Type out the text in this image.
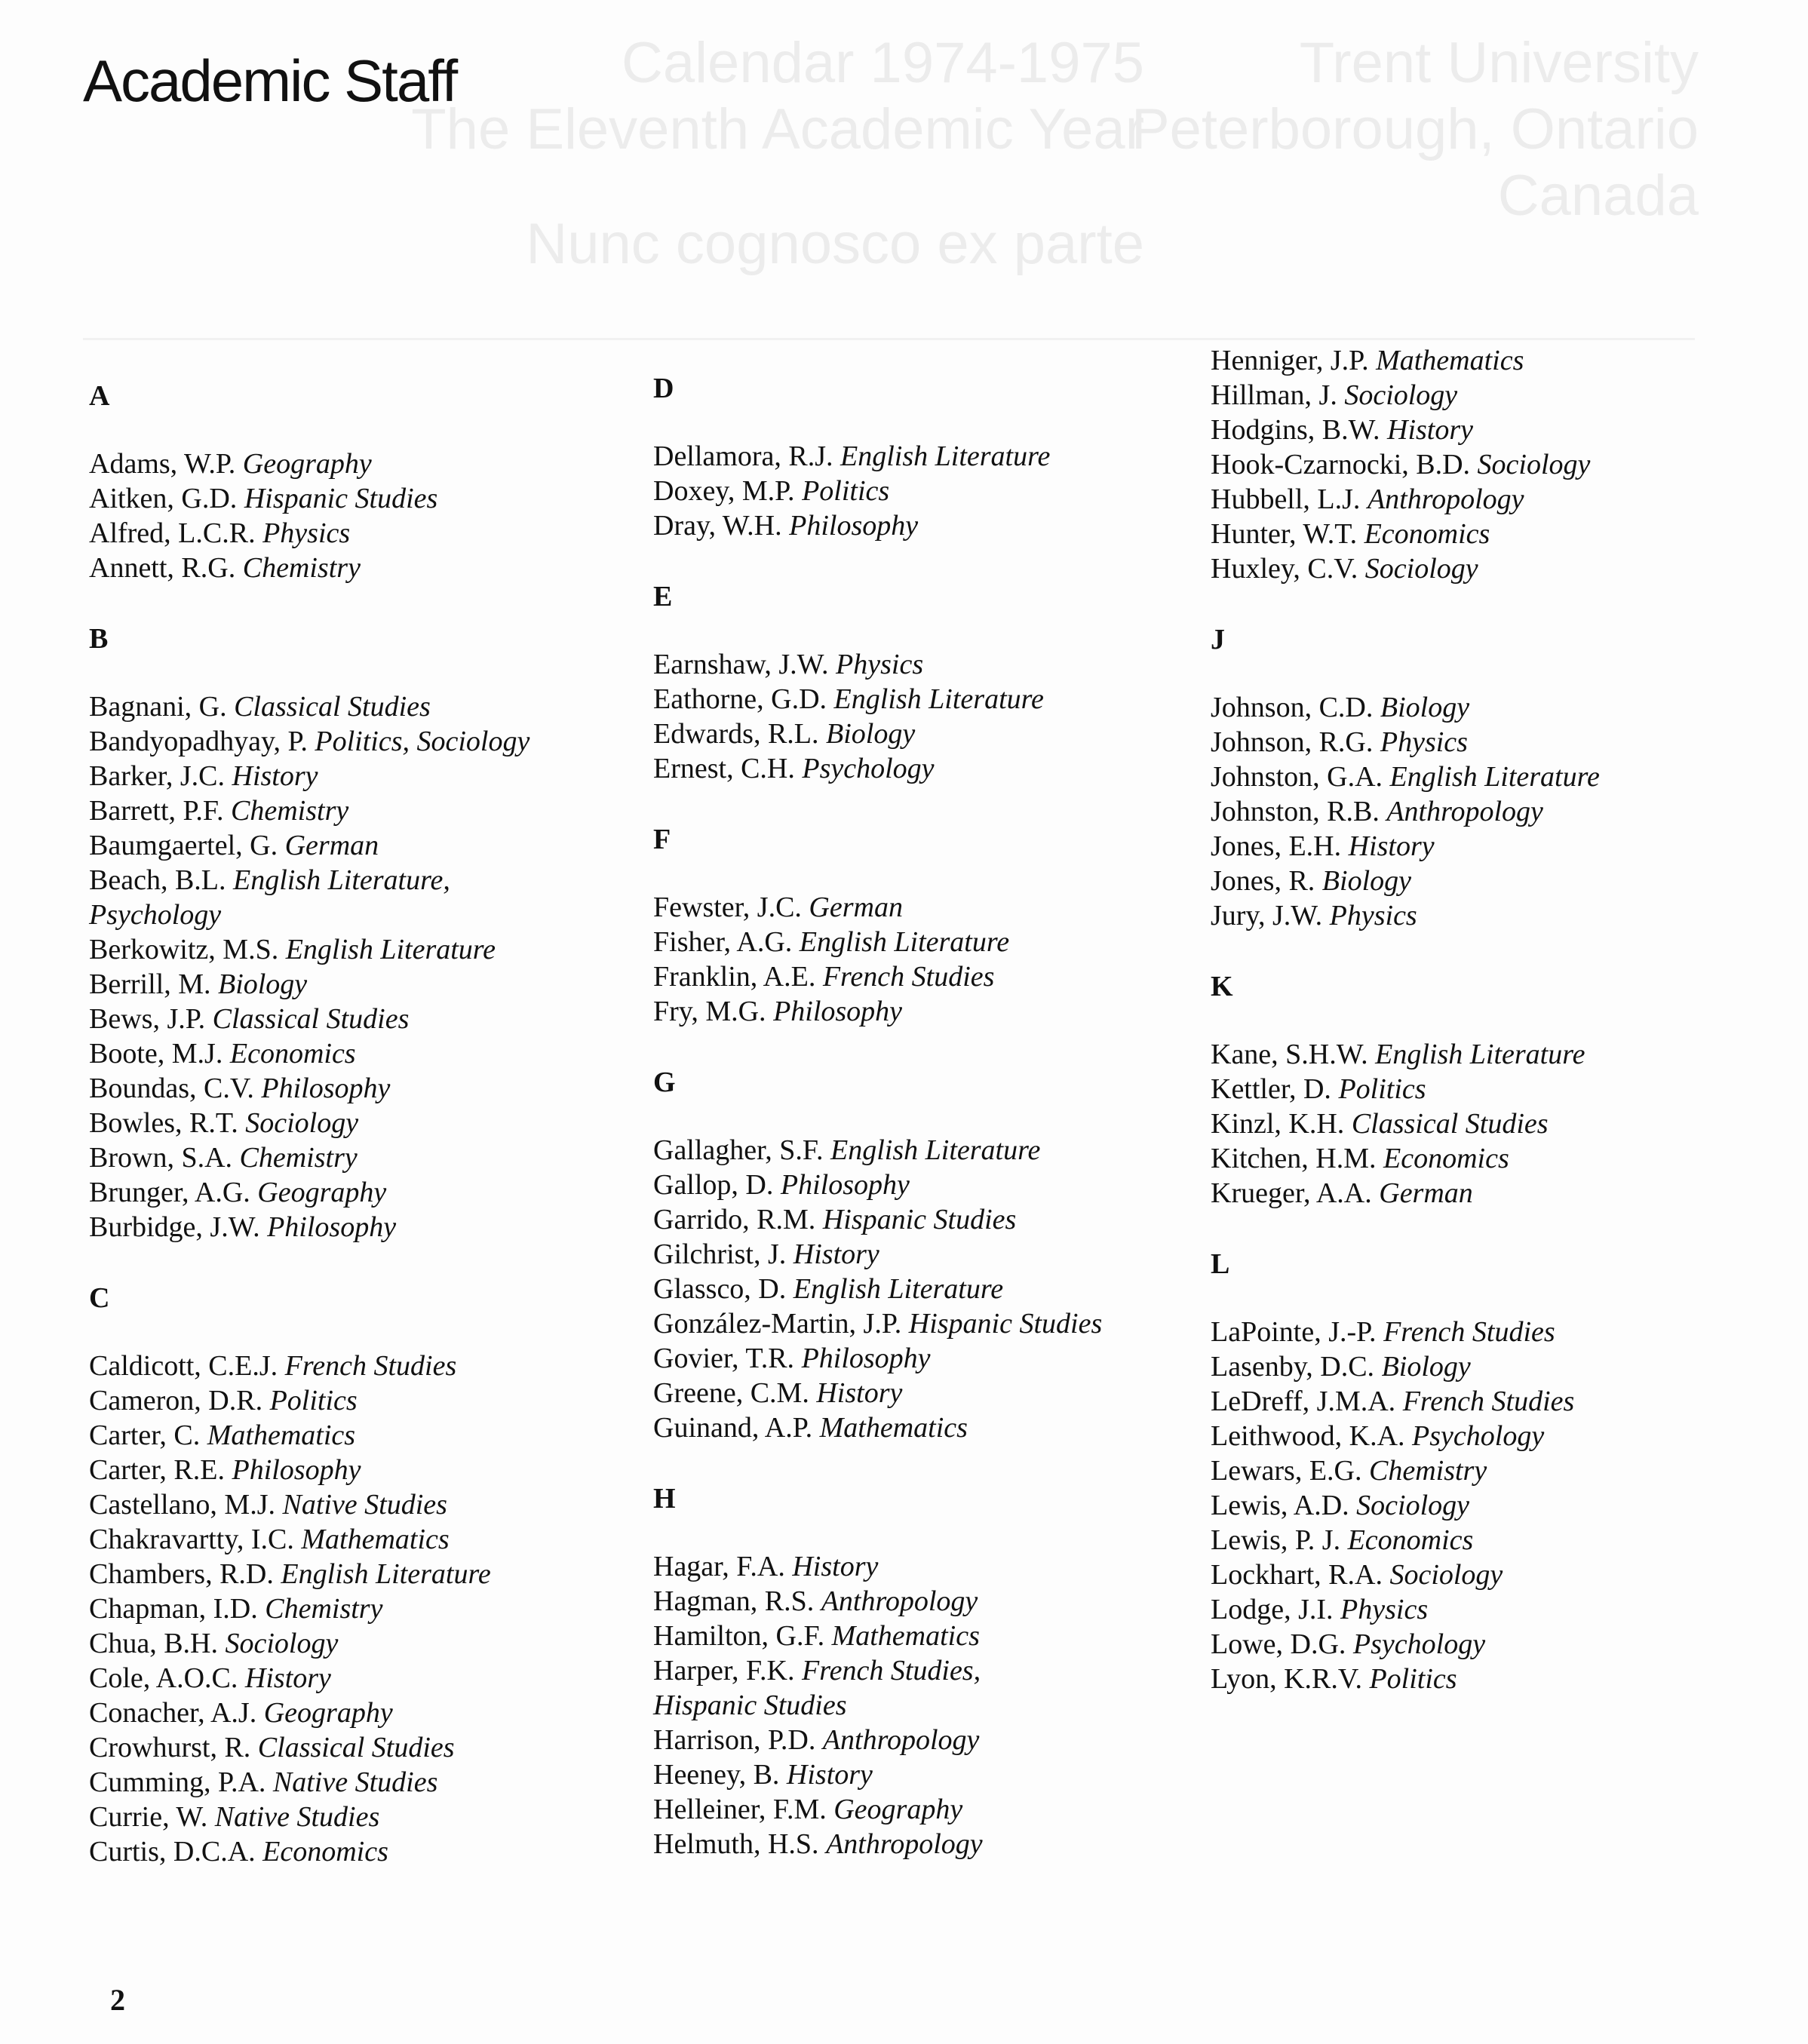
Trent University
Peterborough, Ontario
Canada
Calendar 1974-1975
The Eleventh Academic Year
Nunc cognosco ex parte
Academic Staff
A
Adams, W.P. Geography
Aitken, G.D. Hispanic Studies
Alfred, L.C.R. Physics
Annett, R.G. Chemistry
B
Bagnani, G. Classical Studies
Bandyopadhyay, P. Politics, Sociology
Barker, J.C. History
Barrett, P.F. Chemistry
Baumgaertel, G. German
Beach, B.L. English Literature,
Psychology
Berkowitz, M.S. English Literature
Berrill, M. Biology
Bews, J.P. Classical Studies
Boote, M.J. Economics
Boundas, C.V. Philosophy
Bowles, R.T. Sociology
Brown, S.A. Chemistry
Brunger, A.G. Geography
Burbidge, J.W. Philosophy
C
Caldicott, C.E.J. French Studies
Cameron, D.R. Politics
Carter, C. Mathematics
Carter, R.E. Philosophy
Castellano, M.J. Native Studies
Chakravartty, I.C. Mathematics
Chambers, R.D. English Literature
Chapman, I.D. Chemistry
Chua, B.H. Sociology
Cole, A.O.C. History
Conacher, A.J. Geography
Crowhurst, R. Classical Studies
Cumming, P.A. Native Studies
Currie, W. Native Studies
Curtis, D.C.A. Economics
D
Dellamora, R.J. English Literature
Doxey, M.P. Politics
Dray, W.H. Philosophy
E
Earnshaw, J.W. Physics
Eathorne, G.D. English Literature
Edwards, R.L. Biology
Ernest, C.H. Psychology
F
Fewster, J.C. German
Fisher, A.G. English Literature
Franklin, A.E. French Studies
Fry, M.G. Philosophy
G
Gallagher, S.F. English Literature
Gallop, D. Philosophy
Garrido, R.M. Hispanic Studies
Gilchrist, J. History
Glassco, D. English Literature
González-Martin, J.P. Hispanic Studies
Govier, T.R. Philosophy
Greene, C.M. History
Guinand, A.P. Mathematics
H
Hagar, F.A. History
Hagman, R.S. Anthropology
Hamilton, G.F. Mathematics
Harper, F.K. French Studies,
Hispanic Studies
Harrison, P.D. Anthropology
Heeney, B. History
Helleiner, F.M. Geography
Helmuth, H.S. Anthropology
Henniger, J.P. Mathematics
Hillman, J. Sociology
Hodgins, B.W. History
Hook-Czarnocki, B.D. Sociology
Hubbell, L.J. Anthropology
Hunter, W.T. Economics
Huxley, C.V. Sociology
J
Johnson, C.D. Biology
Johnson, R.G. Physics
Johnston, G.A. English Literature
Johnston, R.B. Anthropology
Jones, E.H. History
Jones, R. Biology
Jury, J.W. Physics
K
Kane, S.H.W. English Literature
Kettler, D. Politics
Kinzl, K.H. Classical Studies
Kitchen, H.M. Economics
Krueger, A.A. German
L
LaPointe, J.-P. French Studies
Lasenby, D.C. Biology
LeDreff, J.M.A. French Studies
Leithwood, K.A. Psychology
Lewars, E.G. Chemistry
Lewis, A.D. Sociology
Lewis, P. J. Economics
Lockhart, R.A. Sociology
Lodge, J.I. Physics
Lowe, D.G. Psychology
Lyon, K.R.V. Politics
2
